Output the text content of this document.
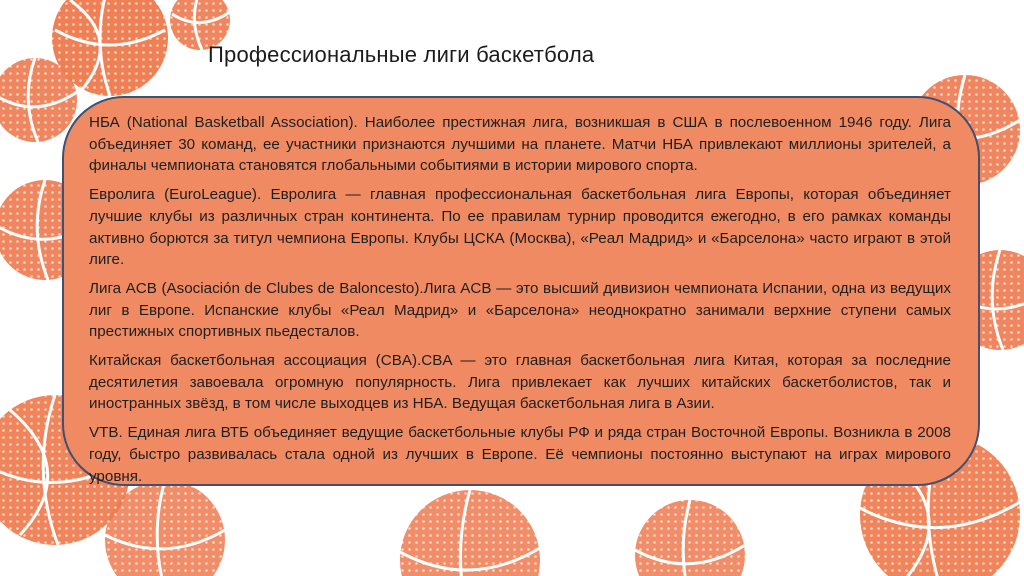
Профессиональные лиги баскетбола

НБА (National Basketball Association). Наиболее престижная лига, возникшая в США в послевоенном 1946 году. Лига объединяет 30 команд, ее участники признаются лучшими на планете. Матчи НБА привлекают миллионы зрителей, а финалы чемпионата становятся глобальными событиями в истории мирового спорта.

Евролига (EuroLeague). Евролига — главная профессиональная баскетбольная лига Европы, которая объединяет лучшие клубы из различных стран континента. По ее правилам турнир проводится ежегодно, в его рамках команды активно борются за титул чемпиона Европы. Клубы ЦСКА (Москва), «Реал Мадрид» и «Барселона» часто играют в этой лиге.

Лига ACB (Asociación de Clubes de Baloncesto).Лига ACB — это высший дивизион чемпионата Испании, одна из ведущих лиг в Европе. Испанские клубы «Реал Мадрид» и «Барселона» неоднократно занимали верхние ступени самых престижных спортивных пьедесталов.

Китайская баскетбольная ассоциация (CBA).CBA — это главная баскетбольная лига Китая, которая за последние десятилетия завоевала огромную популярность. Лига привлекает как лучших китайских баскетболистов, так и иностранных звёзд, в том числе выходцев из НБА. Ведущая баскетбольная лига в Азии.

VTB. Единая лига ВТБ объединяет ведущие баскетбольные клубы РФ и ряда стран Восточной Европы. Возникла в 2008 году, быстро развивалась стала одной из лучших в Европе. Её чемпионы постоянно выступают на играх мирового уровня.
